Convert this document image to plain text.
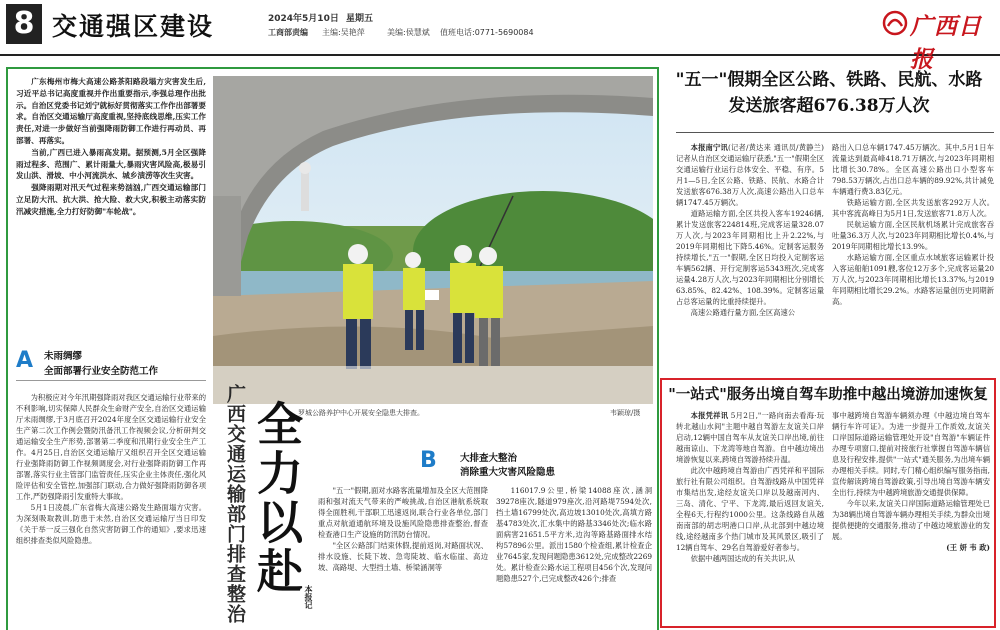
8 交通强区建设	2024年5月10日 星期五
工商部责编 主编:吴艳萍	美编:侯慧斌 值班电话:0771-5690084	广西日报

广东梅州市梅大高速公路茶阳路段塌方灾害发生后,习近平总书记高度重视并作出重要指示,李强总理作出批示。自治区党委书记刘宁就标好贯彻落实工作作出部署要求。自治区交通运输厅高度重视,坚持底线思维,压实工作责任,对进一步做好当前强降雨防御工作进行再动员、再部署、再落实。

当前,广西已进入暴雨高发期。据预测,5月全区强降雨过程多、范围广、累计雨量大,暴雨灾害风险高,极易引发山洪、滑坡、中小河流洪水、城乡渍涝等次生灾害。

强降雨期对汛天气过程来势汹汹,广西交通运输部门立足防大汛、抗大洪、抢大险、救大灾,积极主动落实防汛减灾措施,全力打好防御"车轮战"。

罗城公路养护中心开展安全隐患大排查。	韦颖琼/摄
A 未雨绸缪
全面部署行业安全防范工作

为积极应对今年汛期强降雨对我区交通运输行业带来的不利影响,切实保障人民群众生命财产安全,自治区交通运输厅未雨绸缪,于3月底召开2024年度全区交通运输行业安全生产第二次工作例会暨防汛备汛工作视频会议,分析研判交通运输安全生产形势,部署第二季度和汛期行业安全生产工作。4月25日,自治区交通运输厅又组织召开全区交通运输行业强降雨防御工作视频调度会,对行业强降雨防御工作再部署,落实行业主管部门监管责任,压实企业主体责任,强化风险评估和安全管控,加强部门联动,合力做好强降雨防御各项工作,严防强降雨引发重特大事故。

5月1日凌晨,广东省梅大高速公路发生路面塌方灾害。为深刻吸取教训,防患于未然,自治区交通运输厅当日印发《关于举一反三强化自然灾害防御工作的通知》,要求迅速组织排查类似风险隐患。

广西交通运输部门排查整治
全力以赴
本报记

"五一"假期,面对水路客流量增加及全区大范围降雨和强对流天气带来的严峻挑战,自治区港航系统取得全面胜利,干部职工迅速返岗,联合行业各单位,部门重点对航道通航环境及设施风险隐患排查整治,督查检查港口生产设施的防汛防台情况。

"全区公路部门结束休假,提前返岗,对路面状况、排水设施、长陡下坡、急弯陡坡、临水临崖、高边坡、高路堤、大型挡土墙、桥梁涵洞等

B 大排查大整治
消除重大灾害风险隐患

116017.9公里,桥梁14088座次,涵洞39278座次,隧道979座次,沿河路堤7594处次,挡土墙16799处次,高边坡13010处次,高填方路基4783处次,汇水集中的路基3346处次;临水路面病害21651.5平方米,边沟等路基路面排水结构57896公里。派出1580个检查组,累计检查企业7645家,发现问题隐患3612处,完成整改2269处。累计检查公路水运工程项目456个次,发现问题隐患527个,已完成整改426个;排查

"五一"假期全区公路、铁路、民航、水路
发送旅客超676.38万人次

本报南宁讯(记者/黄达来 通讯员/黄静兰)记者从自治区交通运输厅获悉,"五一"假期全区交通运输行业运行总体安全、平稳、有序。5月1—5日,全区公路、铁路、民航、水路合计发送旅客676.38万人次,高速公路出入口总车辆1747.45万辆次。

道路运输方面,全区共投入客车19246辆,累计发送旅客224814班,完成客运量328.07万人次,与2023年同期相比上升2.22%,与2019年同期相比下降5.46%。定制客运服务持续增长,"五一"假期,全区日均投入定制客运车辆562辆、开行定制客运5343班次,完成客运量4.28万人次,与2023年同期相比分别增长63.85%、82.42%、108.39%。定制客运量占总客运量的比重持续提升。

高速公路通行量方面,全区高速公

路出入口总车辆1747.45万辆次。其中,5月1日车流量达到最高峰418.71万辆次,与2023年同期相比增长30.78%。全区高速公路出口小型客车798.53万辆次,占出口总车辆的89.92%,共计减免车辆通行费3.83亿元。

铁路运输方面,全区共发送旅客292万人次。其中客流高峰日为5月1日,发送旅客71.8万人次。

民航运输方面,全区民航机场累计完成旅客吞吐量36.3万人次,与2023年同期相比增长0.4%,与2019年同期相比增长13.9%。

水路运输方面,全区重点水域旅客运输累计投入客运船舶1091艘,客位12万多个,完成客运量20万人次,与2023年同期相比增长13.37%,与2019年同期相比增长29.2%。水路客运量创历史同期新高。

"一站式"服务出境自驾车助推中越出境游加速恢复

本报凭祥讯 5月2日,"一路向南去看海·玩转北越山水间"主题中越自驾游左友谊关口岸启动,12辆中国自驾车从友谊关口岸出境,前往越南谅山、下龙湾等地自驾游。自中越边境出境游恢复以来,跨境自驾游持续升温。

此次中越跨境自驾游由广西凭祥和平国际旅行社有限公司组织。自驾游线路从中国凭祥市集结出发,途经友谊关口岸以及越南河内、三岛、清化、宁平、下龙湾,最后返回友谊关,全程6天,行程约1000公里。这条线路自从越南南部的胡志明港口口岸,从北部到中越边境线,途经越南多个热门城市及其风景区,吸引了12辆自驾车、29名自驾游爱好者参与。

依据中越两国达成的有关共识,从

事中越跨境自驾游车辆须办理《中越边境自驾车辆行车许可证》。为进一步提升工作质效,友谊关口岸国际道路运输管理处开设"自驾游"车辆证件办理专项窗口,提前对接旅行社掌握自驾游车辆信息及行程安排,提供"一站式"通关服务,为出境车辆办理相关手续。同时,专门精心组织编写服务指南,宣传解读跨境自驾游政策,引导出境自驾游车辆安全出行,持续为中越跨境旅游交通提供保障。

今年以来,友谊关口岸国际道路运输管理处已为38辆出境自驾游车辆办理相关手续,为群众出境提供便捷的交通服务,推动了中越边境旅游业的发展。

(王 妍 韦 政)
